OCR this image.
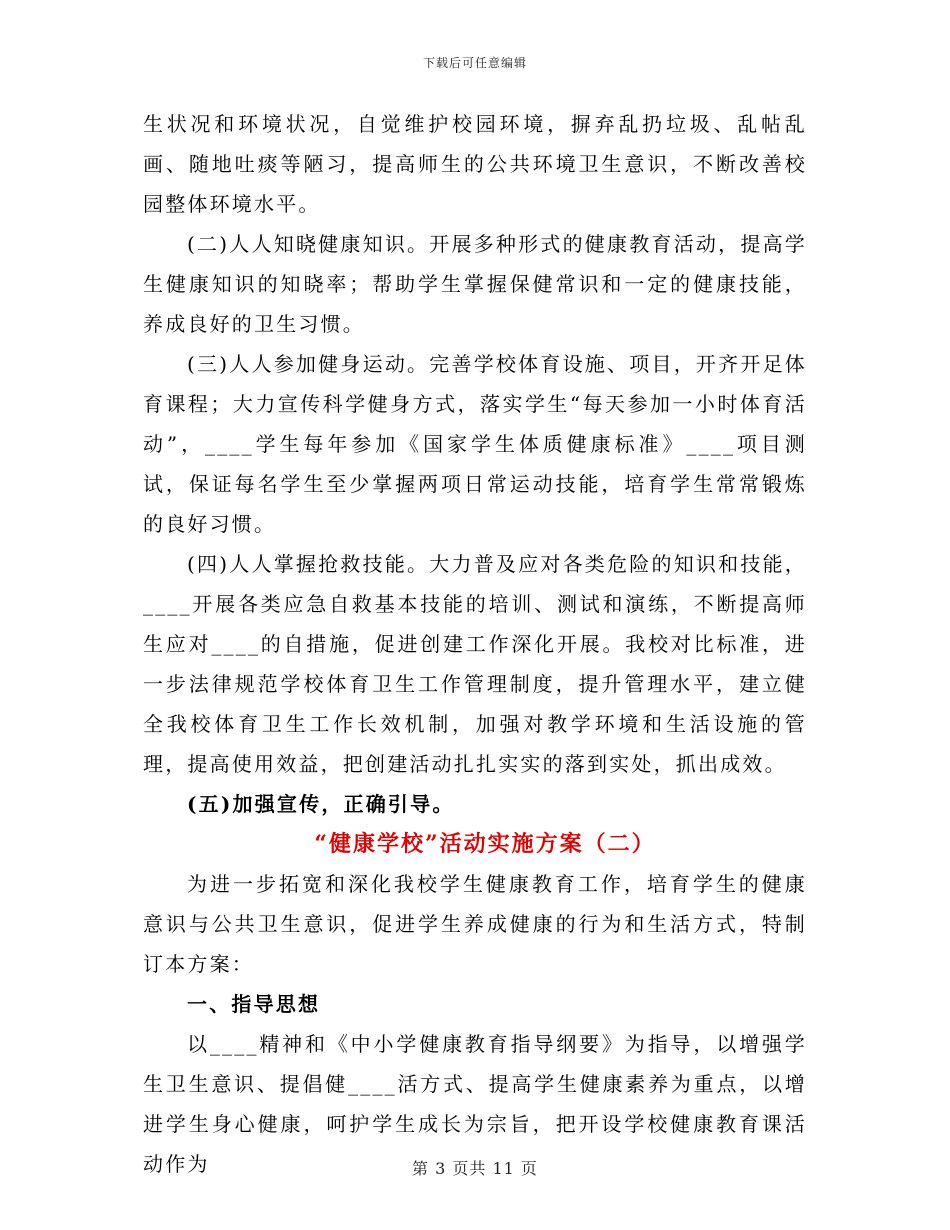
下载后可任意编辑

生状况和环境状况，自觉维护校园环境，摒弃乱扔垃圾、乱帖乱画、随地吐痰等陋习，提高师生的公共环境卫生意识，不断改善校园整体环境水平。

(二)人人知晓健康知识。开展多种形式的健康教育活动，提高学生健康知识的知晓率；帮助学生掌握保健常识和一定的健康技能，养成良好的卫生习惯。

(三)人人参加健身运动。完善学校体育设施、项目，开齐开足体育课程；大力宣传科学健身方式，落实学生“每天参加一小时体育活动”，____学生每年参加《国家学生体质健康标准》____项目测试，保证每名学生至少掌握两项日常运动技能，培育学生常常锻炼的良好习惯。

(四)人人掌握抢救技能。大力普及应对各类危险的知识和技能，____开展各类应急自救基本技能的培训、测试和演练，不断提高师生应对____的自措施，促进创建工作深化开展。我校对比标准，进一步法律规范学校体育卫生工作管理制度，提升管理水平，建立健全我校体育卫生工作长效机制，加强对教学环境和生活设施的管理，提高使用效益，把创建活动扎扎实实的落到实处，抓出成效。

(五)加强宣传，正确引导。

“健康学校”活动实施方案（二）

为进一步拓宽和深化我校学生健康教育工作，培育学生的健康意识与公共卫生意识，促进学生养成健康的行为和生活方式，特制订本方案：

一、指导思想

以____精神和《中小学健康教育指导纲要》为指导，以增强学生卫生意识、提倡健____活方式、提高学生健康素养为重点，以增进学生身心健康，呵护学生成长为宗旨，把开设学校健康教育课活动作为	第 3 页共 11 页
